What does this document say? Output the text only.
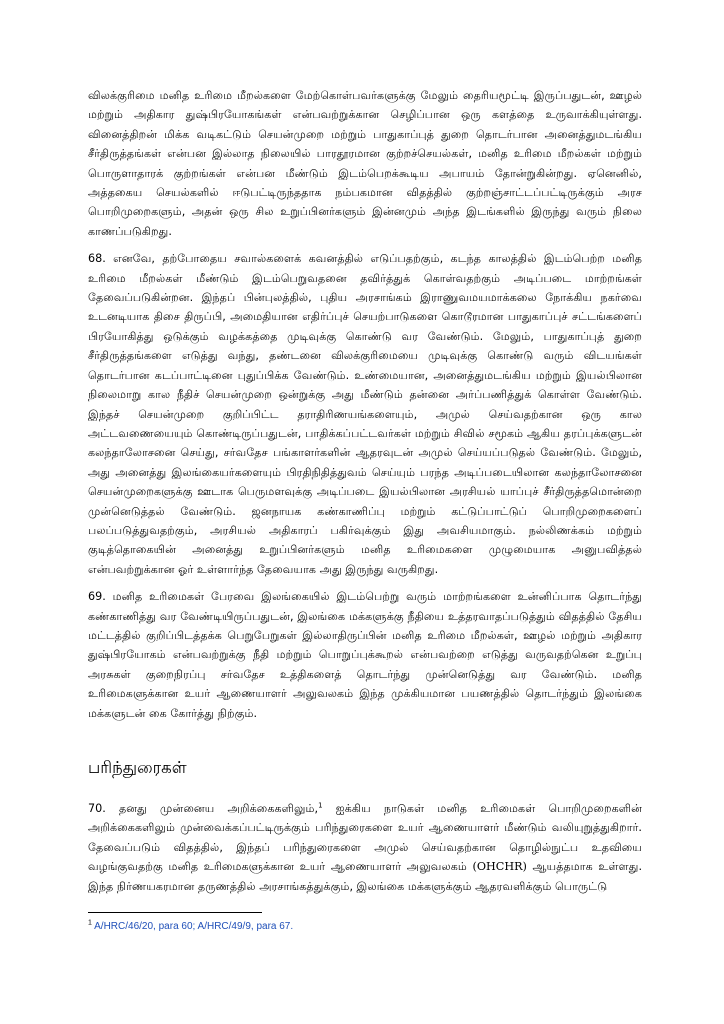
விலக்குரிமை மனித உரிமை மீறல்களை மேற்கொள்பவர்களுக்கு மேலும் தைரியமூட்டி இருப்பதுடன், ஊழல் மற்றும் அதிகார துஷ்பிரயோகங்கள் என்பவற்றுக்கான செழிப்பான ஒரு களத்தை உருவாக்கியுள்ளது. வினைத்திறன் மிக்க வடிகட்டும் செயன்முறை மற்றும் பாதுகாப்புத் துறை தொடர்பான அனைத்துமடங்கிய சீர்திருத்தங்கள் என்பன இல்லாத நிலையில் பாரதூரமான குற்றச்செயல்கள், மனித உரிமை மீறல்கள் மற்றும் பொருளாதாரக் குற்றங்கள் என்பன மீண்டும் இடம்பெறக்கூடிய அபாயம் தோன்றுகின்றது. ஏனெனில், அத்தகைய செயல்களில் ஈடுபட்டிருந்ததாக நம்பகமான விதத்தில் குற்றஞ்சாட்டப்பட்டிருக்கும் அரச பொறிமுறைகளும், அதன் ஒரு சில உறுப்பினர்களும் இன்னமும் அந்த இடங்களில் இருந்து வரும் நிலை காணப்படுகிறது.

68. எனவே, தற்போதைய சவால்களைக் கவனத்தில் எடுப்பதற்கும், கடந்த காலத்தில் இடம்பெற்ற மனித உரிமை மீறல்கள் மீண்டும் இடம்பெறுவதனை தவிர்த்துக் கொள்வதற்கும் அடிப்படை மாற்றங்கள் தேவைப்படுகின்றன. இந்தப் பின்புலத்தில், புதிய அரசாங்கம் இராணுவமயமாக்கலை நோக்கிய நகர்வை உடனடியாக திசை திருப்பி, அமைதியான எதிர்ப்புச் செயற்பாடுகளை கொடூரமான பாதுகாப்புச் சட்டங்களைப் பிரயோகித்து ஒடுக்கும் வழக்கத்தை முடிவுக்கு கொண்டு வர வேண்டும். மேலும், பாதுகாப்புத் துறை சீர்திருத்தங்களை எடுத்து வந்து, தண்டனை விலக்குரிமையை முடிவுக்கு கொண்டு வரும் விடயங்கள் தொடர்பான கடப்பாட்டினை புதுப்பிக்க வேண்டும். உண்மையான, அனைத்துமடங்கிய மற்றும் இயல்பிலான நிலைமாறு கால நீதிச் செயன்முறை ஒன்றுக்கு அது மீண்டும் தன்னை அர்ப்பணித்துக் கொள்ள வேண்டும். இந்தச் செயன்முறை குறிப்பிட்ட தராதிரிணயங்களையும், அமுல் செய்வதற்கான ஒரு கால அட்டவணையையும் கொண்டிருப்பதுடன், பாதிக்கப்பட்டவர்கள் மற்றும் சிவில் சமூகம் ஆகிய தரப்புக்களுடன் கலந்தாலோசனை செய்து, சர்வதேச பங்காளர்களின் ஆதரவுடன் அமுல் செய்யப்படுதல் வேண்டும். மேலும், அது அனைத்து இலங்கையர்களையும் பிரதிநிதித்துவம் செய்யும் பரந்த அடிப்படையிலான கலந்தாலோசனை செயன்முறைகளுக்கு ஊடாக பெருமளவுக்கு அடிப்படை இயல்பிலான அரசியல் யாப்புச் சீர்திருத்தமொன்றை முன்னெடுத்தல் வேண்டும். ஜனநாயக கண்காணிப்பு மற்றும் கட்டுப்பாட்டுப் பொறிமுறைகளைப் பலப்படுத்துவதற்கும், அரசியல் அதிகாரப் பகிர்வுக்கும் இது அவசியமாகும். நல்லிணக்கம் மற்றும் குடித்தொகையின் அனைத்து உறுப்பினர்களும் மனித உரிமைகளை முழுமையாக அனுபவித்தல் என்பவற்றுக்கான ஓர் உள்ளார்ந்த தேவையாக அது இருந்து வருகிறது.

69. மனித உரிமைகள் பேரவை இலங்கையில் இடம்பெற்று வரும் மாற்றங்களை உன்னிப்பாக தொடர்ந்து கண்காணித்து வர வேண்டியிருப்பதுடன், இலங்கை மக்களுக்கு நீதியை உத்தரவாதப்படுத்தும் விதத்தில் தேசிய மட்டத்தில் குறிப்பிடத்தக்க பெறுபேறுகள் இல்லாதிருப்பின் மனித உரிமை மீறல்கள், ஊழல் மற்றும் அதிகார துஷ்பிரயோகம் என்பவற்றுக்கு நீதி மற்றும் பொறுப்புக்கூறல் என்பவற்றை எடுத்து வருவதற்கென உறுப்பு அரசுகள் குறைநிரப்பு சர்வதேச உத்திகளைத் தொடர்ந்து முன்னெடுத்து வர வேண்டும். மனித உரிமைகளுக்கான உயர் ஆணையாளர் அலுவலகம் இந்த முக்கியமான பயணத்தில் தொடர்ந்தும் இலங்கை மக்களுடன் கை கோர்த்து நிற்கும்.

பரிந்துரைகள்

70. தனது முன்னைய அறிக்கைகளிலும்,$^1$ ஐக்கிய நாடுகள் மனித உரிமைகள் பொறிமுறைகளின் அறிக்கைகளிலும் முன்வைக்கப்பட்டிருக்கும் பரிந்துரைகளை உயர் ஆணையாளர் மீண்டும் வலியுறுத்துகிறார். தேவைப்படும் விதத்தில், இந்தப் பரிந்துரைகளை அமுல் செய்வதற்கான தொழில்நுட்ப உதவியை வழங்குவதற்கு மனித உரிமைகளுக்கான உயர் ஆணையாளர் அலுவலகம் (OHCHR) ஆயத்தமாக உள்ளது. இந்த நிர்ணயகரமான தருணத்தில் அரசாங்கத்துக்கும், இலங்கை மக்களுக்கும் ஆதரவளிக்கும் பொருட்டு

$^1$ A/HRC/46/20, para 60; A/HRC/49/9, para 67.
